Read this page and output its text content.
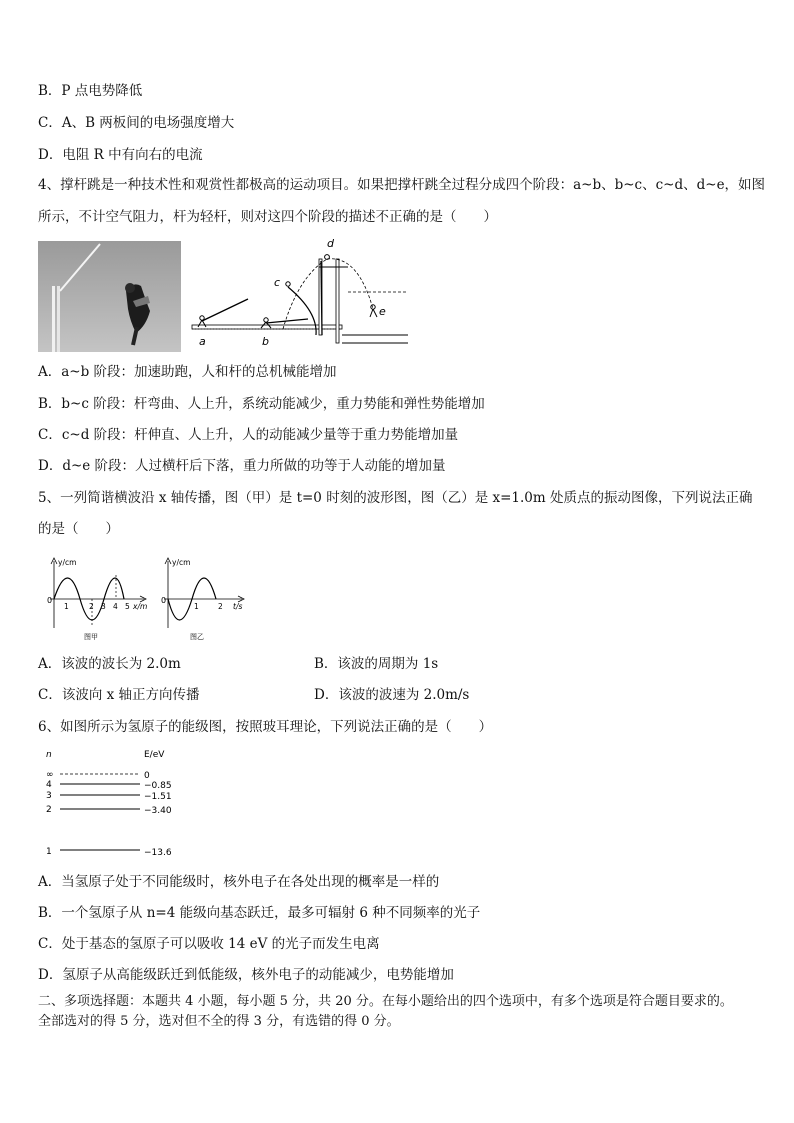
B．P 点电势降低
C．A、B 两板间的电场强度增大
D．电阻 R 中有向右的电流
4、撑杆跳是一种技术性和观赏性都极高的运动项目。如果把撑杆跳全过程分成四个阶段：a~b、b~c、c~d、d~e，如图
所示，不计空气阻力，杆为轻杆，则对这四个阶段的描述不正确的是（　　）
a	b
c
d
e
A．a~b 阶段：加速助跑，人和杆的总机械能增加
B．b~c 阶段：杆弯曲、人上升，系统动能减少，重力势能和弹性势能增加
C．c~d 阶段：杆伸直、人上升，人的动能减少量等于重力势能增加量
D．d~e 阶段：人过横杆后下落，重力所做的功等于人动能的增加量
5、一列简谐横波沿 x 轴传播，图（甲）是 t=0 时刻的波形图，图（乙）是 x=1.0m 处质点的振动图像，下列说法正确
的是（　　）
y/cm
0
1	2 3 4 5 x/m
图甲
y/cm
0
1	2 t/s
图乙
A．该波的波长为 2.0m	B．该波的周期为 1s
C．该波向 x 轴正方向传播	D．该波的波速为 2.0m/s
6、如图所示为氢原子的能级图，按照玻耳理论，下列说法正确的是（　　）
n	E/eV
∞	0
4	−0.85
3	−1.51
2	−3.40
1	−13.6
A．当氢原子处于不同能级时，核外电子在各处出现的概率是一样的
B．一个氢原子从 n=4 能级向基态跃迁，最多可辐射 6 种不同频率的光子
C．处于基态的氢原子可以吸收 14 eV 的光子而发生电离
D．氢原子从高能级跃迁到低能级，核外电子的动能减少，电势能增加
二、多项选择题：本题共 4 小题，每小题 5 分，共 20 分。在每小题给出的四个选项中，有多个选项是符合题目要求的。
全部选对的得 5 分，选对但不全的得 3 分，有选错的得 0 分。
